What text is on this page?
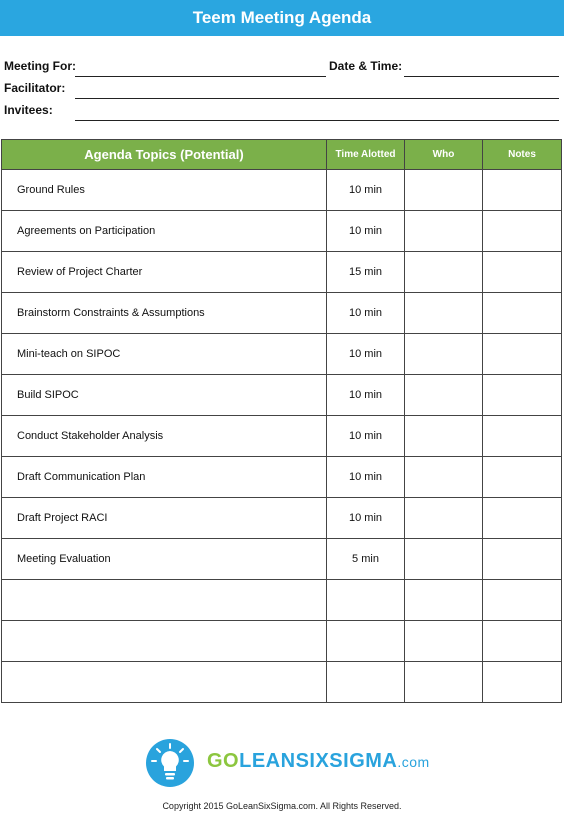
Teem Meeting Agenda
Meeting For:	Date & Time:
Facilitator:
Invitees:
Agenda Topics (Potential)	Time Alotted	Who	Notes
Ground Rules	10 min		
Agreements on Participation	10 min		
Review of Project Charter	15 min		
Brainstorm Constraints & Assumptions	10 min		
Mini-teach on SIPOC	10 min		
Build SIPOC	10 min		
Conduct Stakeholder Analysis	10 min		
Draft Communication Plan	10 min		
Draft Project RACI	10 min		
Meeting Evaluation	5 min		

GOLEANSIXSIGMA.com
Copyright 2015 GoLeanSixSigma.com. All Rights Reserved.
